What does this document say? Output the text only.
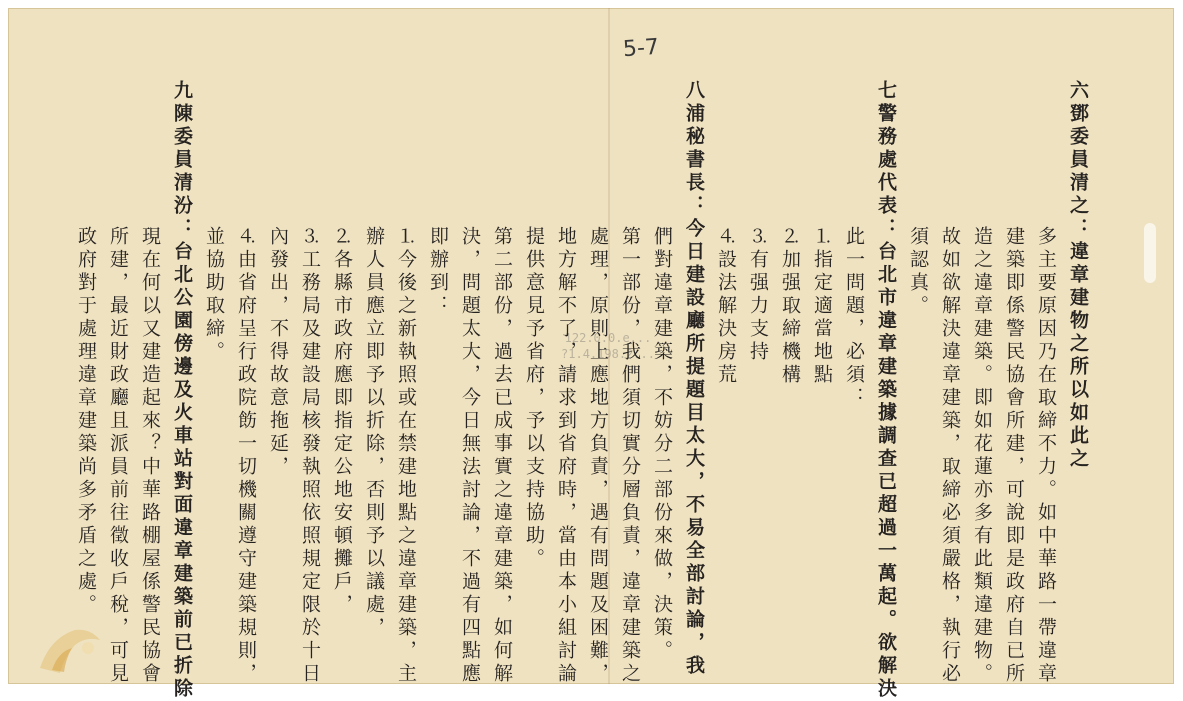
5-7
122.0.0.e...
?1.4.198.2...	六鄧委員清之：違章建物之所以如此之
多主要原因乃在取締不力。如中華路一帶違章
建築即係警民協會所建，可說即是政府自已所
造之違章建築。即如花蓮亦多有此類違建物。
故如欲解決違章建築，取締必須嚴格，執行必
須認真。
七警務處代表：台北市違章建築據調查已超過一萬起。欲解決
此一問題，必須：
⒈指定適當地點
⒉加强取締機構
⒊有强力支持
⒋設法解決房荒
八浦秘書長：今日建設廳所提題目太大，不易全部討論，我
們對違章建築，不妨分二部份來做，決策。
第一部份，我們須切實分層負責，違章建築之
處理，原則上應地方負責，遇有問題及困難，
地方解不了，請求到省府時，當由本小組討論
提供意見予省府，予以支持協助。
第二部份，過去已成事實之違章建築，如何解
決，問題太大，今日無法討論，不過有四點應
即辦到：
⒈今後之新執照或在禁建地點之違章建築，主
辦人員應立即予以折除，否則予以議處，
⒉各縣市政府應即指定公地安頓攤戶，
⒊工務局及建設局核發執照依照規定限於十日
內發出，不得故意拖延，
⒋由省府呈行政院飭一切機關遵守建築規則，
並協助取締。
九陳委員清汾：台北公園傍邊及火車站對面違章建築前已折除
現在何以又建造起來？中華路棚屋係警民協會
所建，最近財政廳且派員前往徵收戶稅，可見
政府對于處理違章建築尚多矛盾之處。
